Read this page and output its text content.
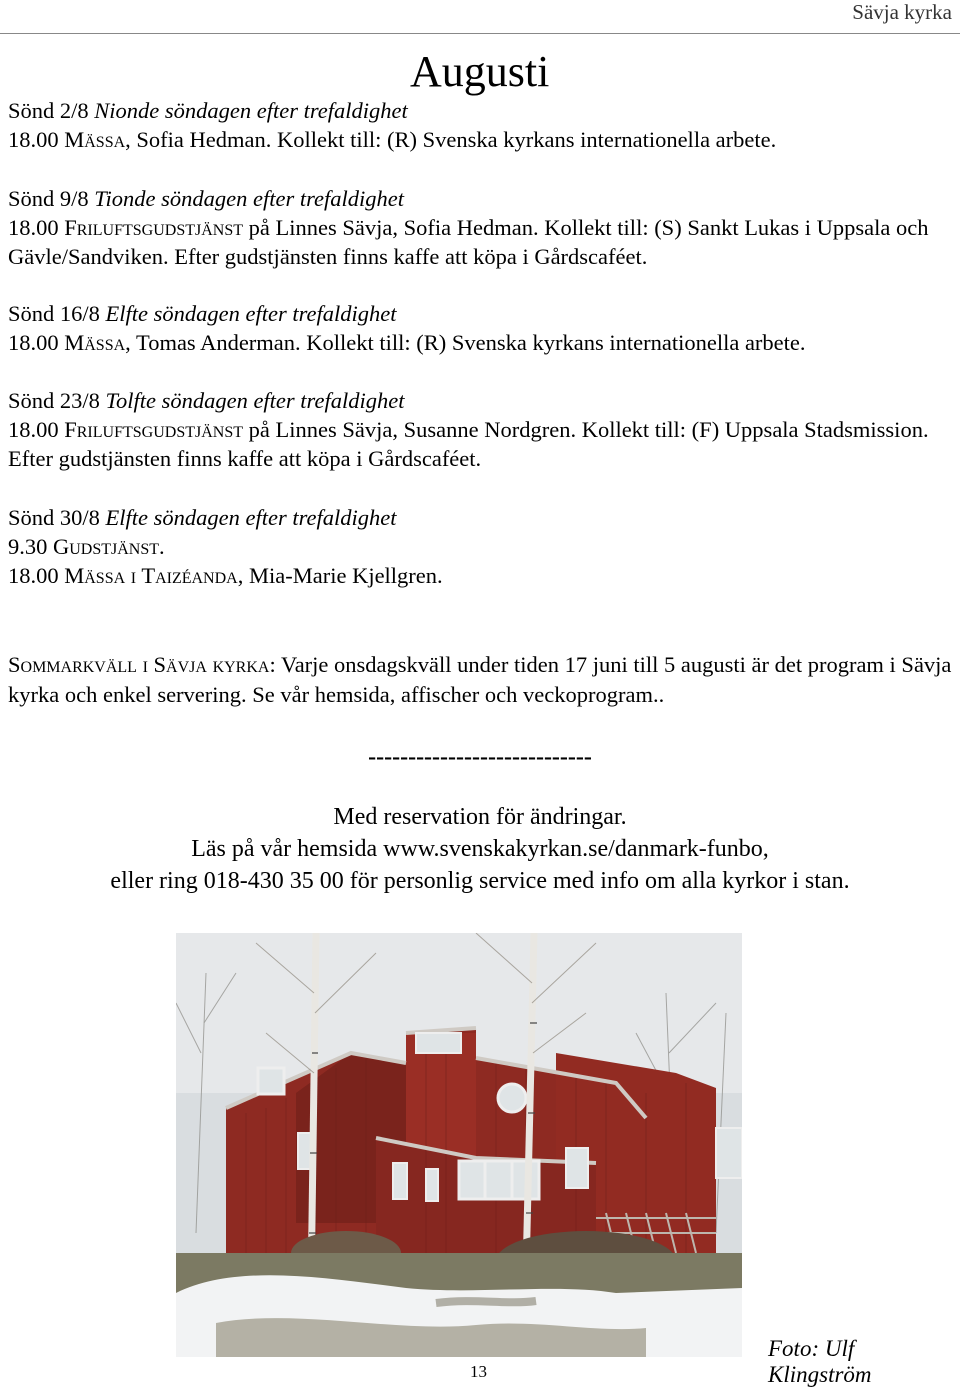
Sävja kyrka
Augusti

Sönd 2/8 Nionde söndagen efter trefaldighet

18.00 Mässa, Sofia Hedman. Kollekt till: (R) Svenska kyrkans internationella arbete.

Sönd 9/8 Tionde söndagen efter trefaldighet

18.00 Friluftsgudstjänst på Linnes Sävja, Sofia Hedman. Kollekt till: (S) Sankt Lukas i Uppsala och Gävle/Sandviken. Efter gudstjänsten finns kaffe att köpa i Gårdscaféet.

Sönd 16/8 Elfte söndagen efter trefaldighet

18.00 Mässa, Tomas Anderman. Kollekt till: (R) Svenska kyrkans internationella arbete.

Sönd 23/8 Tolfte söndagen efter trefaldighet

18.00 Friluftsgudstjänst på Linnes Sävja, Susanne Nordgren. Kollekt till: (F) Uppsala Stadsmission. Efter gudstjänsten finns kaffe att köpa i Gårdscaféet.

Sönd 30/8 Elfte söndagen efter trefaldighet

9.30 Gudstjänst.

18.00 Mässa i Taizéanda, Mia-Marie Kjellgren.

Sommarkväll i Sävja kyrka: Varje onsdagskväll under tiden 17 juni till 5 augusti är det program i Sävja kyrka och enkel servering. Se vår hemsida, affischer och veckoprogram..
----------------------------
Med reservation för ändringar.
Läs på vår hemsida www.svenskakyrkan.se/danmark-funbo,
eller ring 018-430 35 00 för personlig service med info om alla kyrkor i stan.
Foto: Ulf Klingström
13
